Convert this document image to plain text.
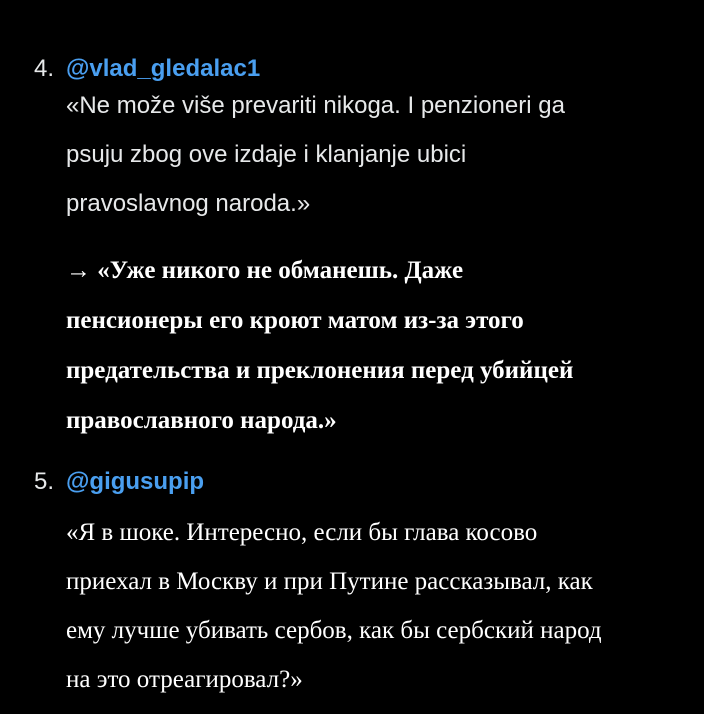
4. @vlad_gledalac1

«Ne može više prevariti nikoga. I penzioneri ga
psuju zbog ove izdaje i klanjanje ubici
pravoslavnog naroda.»

→ «Уже никого не обманешь. Даже
пенсионеры его кроют матом из-за этого
предательства и преклонения перед убийцей
православного народа.»

5. @gigusupip

«Я в шоке. Интересно, если бы глава косово
приехал в Москву и при Путине рассказывал, как
ему лучше убивать сербов, как бы сербский народ
на это отреагировал?»
